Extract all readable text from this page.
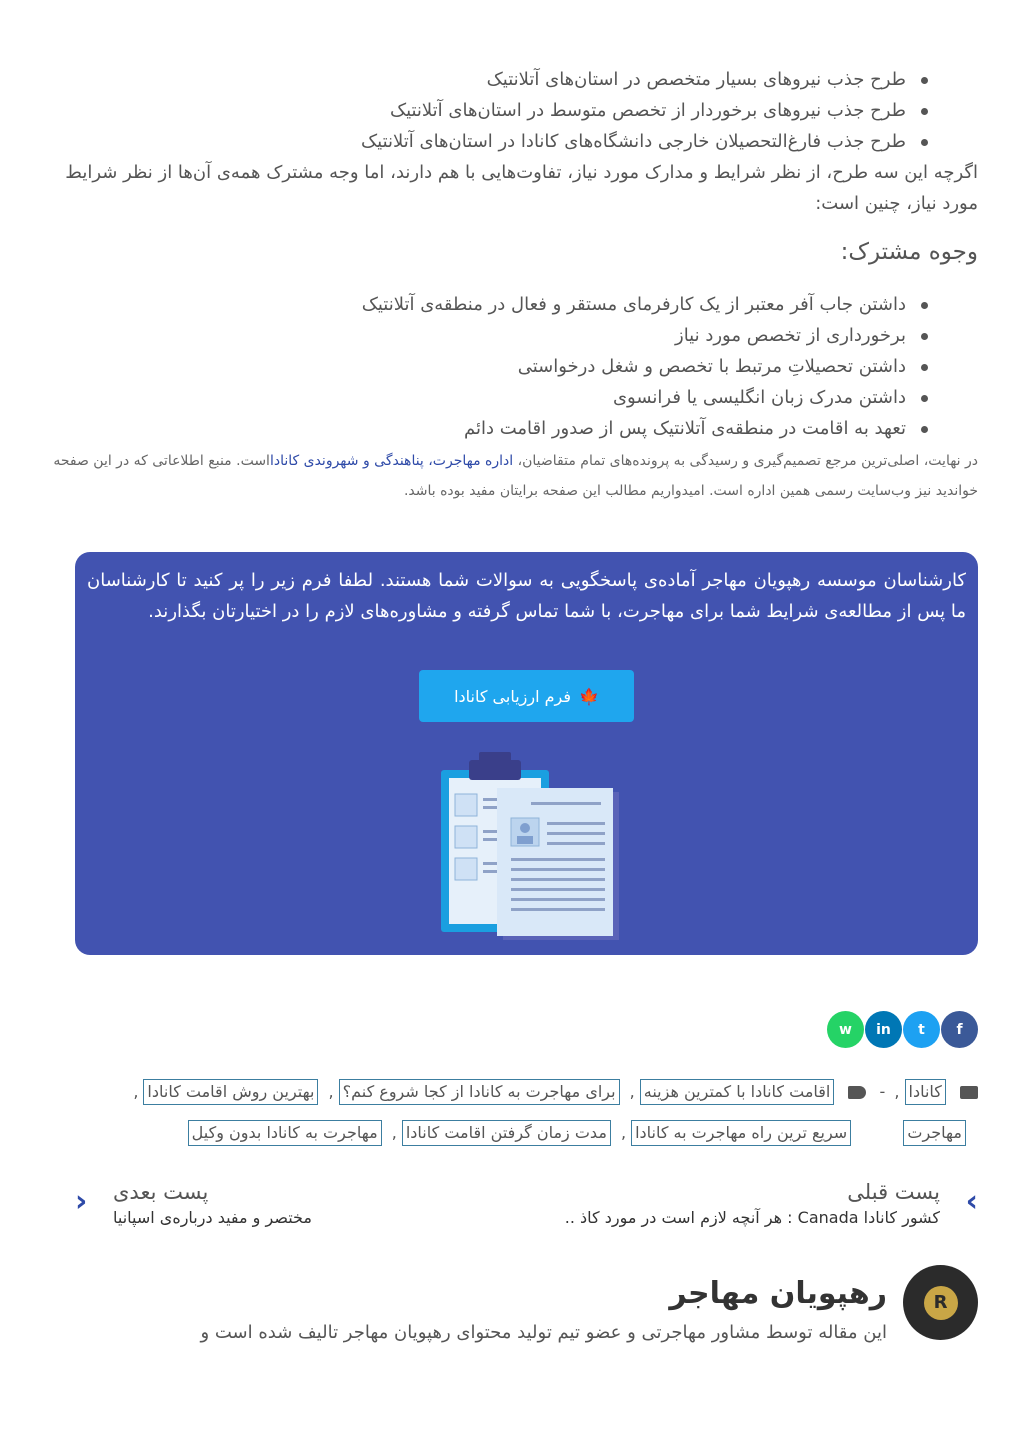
طرح جذب نیروهای بسیار متخصص در استان‌های آتلانتیک
طرح جذب نیروهای برخوردار از تخصص متوسط در استان‌های آتلانتیک
طرح جذب فارغ‌التحصیلان خارجی دانشگاه‌های کانادا در استان‌های آتلانتیک
اگرچه این سه طرح، از نظر شرایط و مدارک مورد نیاز، تفاوت‌هایی با هم دارند، اما وجه مشترک همه‌ی آن‌ها از نظر شرایط مورد نیاز، چنین است:
وجوه مشترک:
داشتن جاب آفر معتبر از یک کارفرمای مستقر و فعال در منطقه‌ی آتلانتیک
برخورداری از تخصص مورد نیاز
داشتن تحصیلاتِ مرتبط با تخصص و شغل درخواستی
داشتن مدرک زبان انگلیسی یا فرانسوی
تعهد به اقامت در منطقه‌ی آتلانتیک پس از صدور اقامت دائم
در نهایت، اصلی‌ترین مرجع تصمیم‌گیری و رسیدگی به پرونده‌های تمام متقاضیان، اداره مهاجرت، پناهندگی و شهروندی کانادااست. منبع اطلاعاتی که در این صفحه خواندید نیز وب‌سایت رسمی همین اداره است. امیدواریم مطالب این صفحه برایتان مفید بوده باشد.
کارشناسان موسسه رهپویان مهاجر آماده‌ی پاسخگویی به سوالات شما هستند. لطفا فرم زیر را پر کنید تا کارشناسان ما پس از مطالعه‌ی شرایط شما برای مهاجرت، با شما تماس گرفته و مشاوره‌های لازم را در اختیارتان بگذارند.
🍁
فرم ارزیابی کانادا
f
t
in
w
کانادا, -  اقامت کانادا با کمترین هزینه, برای مهاجرت به کانادا از کجا شروع کنم؟, بهترین روش اقامت کانادا,
مهاجرت  سریع ترین راه مهاجرت به کانادا, مدت زمان گرفتن اقامت کانادا, مهاجرت به کانادا بدون وکیل
›
پست قبلی
کشور کانادا Canada : هر آنچه لازم است در مورد کاذ ..
‹ پست بعدی
مختصر و مفید درباره‌ی اسپانیا
R
رهپویان مهاجر
این مقاله توسط مشاور مهاجرتی و عضو تیم تولید محتوای رهپویان مهاجر تالیف شده است و
